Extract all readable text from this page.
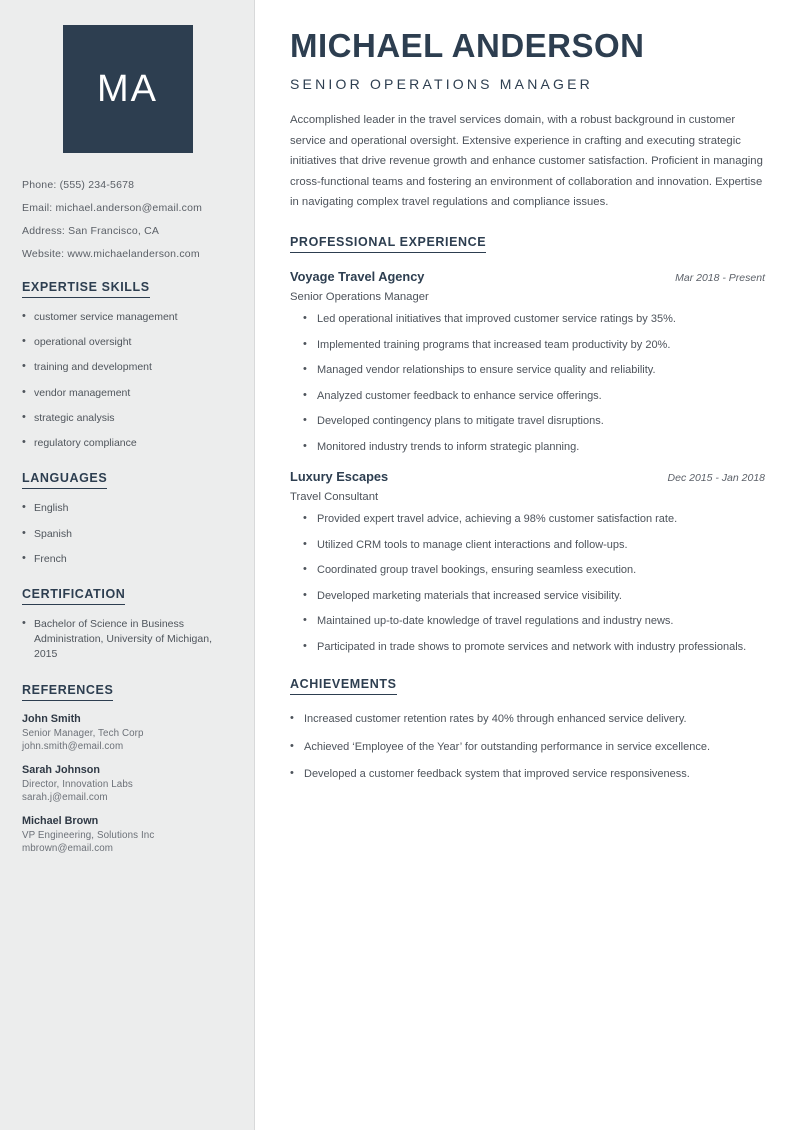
MA
Phone: (555) 234-5678
Email: michael.anderson@email.com
Address: San Francisco, CA
Website: www.michaelanderson.com
EXPERTISE SKILLS
• customer service management
• operational oversight
• training and development
• vendor management
• strategic analysis
• regulatory compliance
LANGUAGES
• English
• Spanish
• French
CERTIFICATION
• Bachelor of Science in Business Administration, University of Michigan, 2015
REFERENCES
John Smith
Senior Manager, Tech Corp
john.smith@email.com
Sarah Johnson
Director, Innovation Labs
sarah.j@email.com
Michael Brown
VP Engineering, Solutions Inc
mbrown@email.com
MICHAEL ANDERSON
SENIOR OPERATIONS MANAGER

Accomplished leader in the travel services domain, with a robust background in customer service and operational oversight. Extensive experience in crafting and executing strategic initiatives that drive revenue growth and enhance customer satisfaction. Proficient in managing cross-functional teams and fostering an environment of collaboration and innovation. Expertise in navigating complex travel regulations and compliance issues.

PROFESSIONAL EXPERIENCE
Voyage Travel Agency	Mar 2018 - Present
Senior Operations Manager
• Led operational initiatives that improved customer service ratings by 35%.
• Implemented training programs that increased team productivity by 20%.
• Managed vendor relationships to ensure service quality and reliability.
• Analyzed customer feedback to enhance service offerings.
• Developed contingency plans to mitigate travel disruptions.
• Monitored industry trends to inform strategic planning.
Luxury Escapes	Dec 2015 - Jan 2018
Travel Consultant
• Provided expert travel advice, achieving a 98% customer satisfaction rate.
• Utilized CRM tools to manage client interactions and follow-ups.
• Coordinated group travel bookings, ensuring seamless execution.
• Developed marketing materials that increased service visibility.
• Maintained up-to-date knowledge of travel regulations and industry news.
• Participated in trade shows to promote services and network with industry professionals.
ACHIEVEMENTS
• Increased customer retention rates by 40% through enhanced service delivery.
• Achieved ‘Employee of the Year’ for outstanding performance in service excellence.
• Developed a customer feedback system that improved service responsiveness.
